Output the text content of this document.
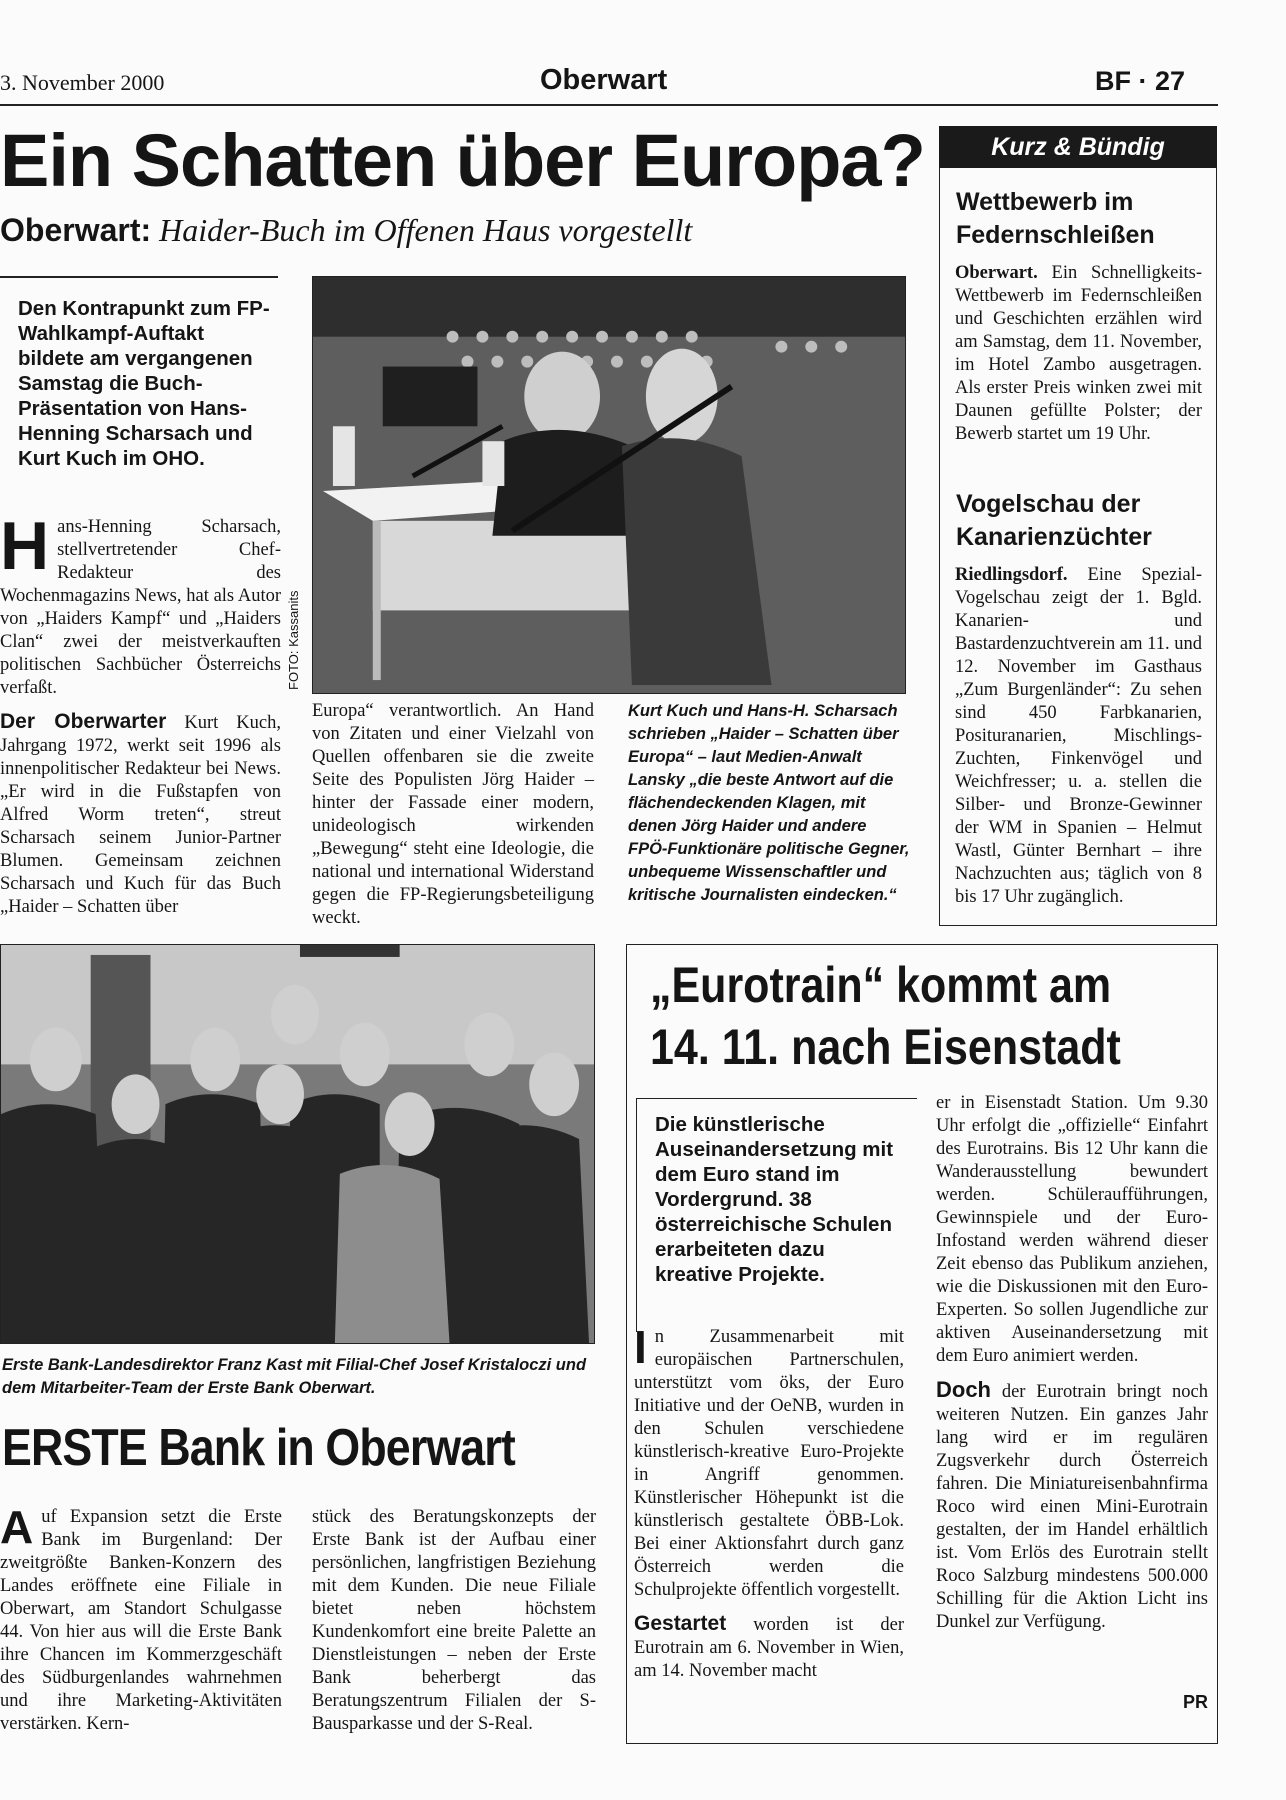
3. November 2000	Oberwart	BF · 27
Ein Schatten über Europa?
Oberwart: Haider-Buch im Offenen Haus vorgestellt
Den Kontrapunkt zum FP-Wahlkampf-Auftakt bildete am vergangenen Samstag die Buch-Präsentation von Hans-Henning Scharsach und Kurt Kuch im OHO.

H ans-Henning Scharsach, stellvertretender Chef-Redakteur des Wochenmagazins News, hat als Autor von „Haiders Kampf“ und „Haiders Clan“ zwei der meistverkauften politischen Sachbücher Österreichs verfaßt.

Der Oberwarter Kurt Kuch, Jahrgang 1972, werkt seit 1996 als innenpolitischer Redakteur bei News. „Er wird in die Fußstapfen von Alfred Worm treten“, streut Scharsach seinem Junior-Partner Blumen. Gemeinsam zeichnen Scharsach und Kuch für das Buch „Haider – Schatten über

FOTO: Kassanits
Europa“ verantwortlich. An Hand von Zitaten und einer Vielzahl von Quellen offenbaren sie die zweite Seite des Populisten Jörg Haider – hinter der Fassade einer modern, unideologisch wirkenden „Bewegung“ steht eine Ideologie, die national und international Widerstand gegen die FP-Regierungsbeteiligung weckt.
Kurt Kuch und Hans-H. Scharsach schrieben „Haider – Schatten über Europa“ – laut Medien-Anwalt Lansky „die beste Antwort auf die flächendeckenden Klagen, mit denen Jörg Haider und andere FPÖ-Funktionäre politische Gegner, unbequeme Wissenschaftler und kritische Journalisten eindecken.“
Kurz & Bündig
Wettbewerb im Federnschleißen
Oberwart. Ein Schnelligkeits-Wettbewerb im Federnschleißen und Geschichten erzählen wird am Samstag, dem 11. November, im Hotel Zambo ausgetragen. Als erster Preis winken zwei mit Daunen gefüllte Polster; der Bewerb startet um 19 Uhr.
Vogelschau der Kanarienzüchter
Riedlingsdorf. Eine Spezial-Vogelschau zeigt der 1. Bgld. Kanarien- und Bastardenzuchtverein am 11. und 12. November im Gasthaus „Zum Burgenländer“: Zu sehen sind 450 Farbkanarien, Posituranarien, Mischlings-Zuchten, Finkenvögel und Weichfresser; u. a. stellen die Silber- und Bronze-Gewinner der WM in Spanien – Helmut Wastl, Günter Bernhart – ihre Nachzuchten aus; täglich von 8 bis 17 Uhr zugänglich.
Erste Bank-Landesdirektor Franz Kast mit Filial-Chef Josef Kristaloczi und dem Mitarbeiter-Team der Erste Bank Oberwart.
ERSTE Bank in Oberwart
A uf Expansion setzt die Erste Bank im Burgenland: Der zweitgrößte Banken-Konzern des Landes eröffnete eine Filiale in Oberwart, am Standort Schulgasse 44. Von hier aus will die Erste Bank ihre Chancen im Kommerzgeschäft des Südburgenlandes wahrnehmen und ihre Marketing-Aktivitäten verstärken. Kern-
stück des Beratungskonzepts der Erste Bank ist der Aufbau einer persönlichen, langfristigen Beziehung mit dem Kunden. Die neue Filiale bietet neben höchstem Kundenkomfort eine breite Palette an Dienstleistungen – neben der Erste Bank beherbergt das Beratungszentrum Filialen der S-Bausparkasse und der S-Real.
„Eurotrain“ kommt am
14. 11. nach Eisenstadt
Die künstlerische Auseinandersetzung mit dem Euro stand im Vordergrund. 38 österreichische Schulen erarbeiteten dazu kreative Projekte.

I n Zusammenarbeit mit europäischen Partnerschulen, unterstützt vom öks, der Euro Initiative und der OeNB, wurden in den Schulen verschiedene künstlerisch-kreative Euro-Projekte in Angriff genommen. Künstlerischer Höhepunkt ist die künstlerisch gestaltete ÖBB-Lok. Bei einer Aktionsfahrt durch ganz Österreich werden die Schulprojekte öffentlich vorgestellt.

Gestartet worden ist der Eurotrain am 6. November in Wien, am 14. November macht

er in Eisenstadt Station. Um 9.30 Uhr erfolgt die „offizielle“ Einfahrt des Eurotrains. Bis 12 Uhr kann die Wanderausstellung bewundert werden. Schüleraufführungen, Gewinnspiele und der Euro-Infostand werden während dieser Zeit ebenso das Publikum anziehen, wie die Diskussionen mit den Euro-Experten. So sollen Jugendliche zur aktiven Auseinandersetzung mit dem Euro animiert werden.

Doch der Eurotrain bringt noch weiteren Nutzen. Ein ganzes Jahr lang wird er im regulären Zugsverkehr durch Österreich fahren. Die Miniatureisenbahnfirma Roco wird einen Mini-Eurotrain gestalten, der im Handel erhältlich ist. Vom Erlös des Eurotrain stellt Roco Salzburg mindestens 500.000 Schilling für die Aktion Licht ins Dunkel zur Verfügung.

PR
